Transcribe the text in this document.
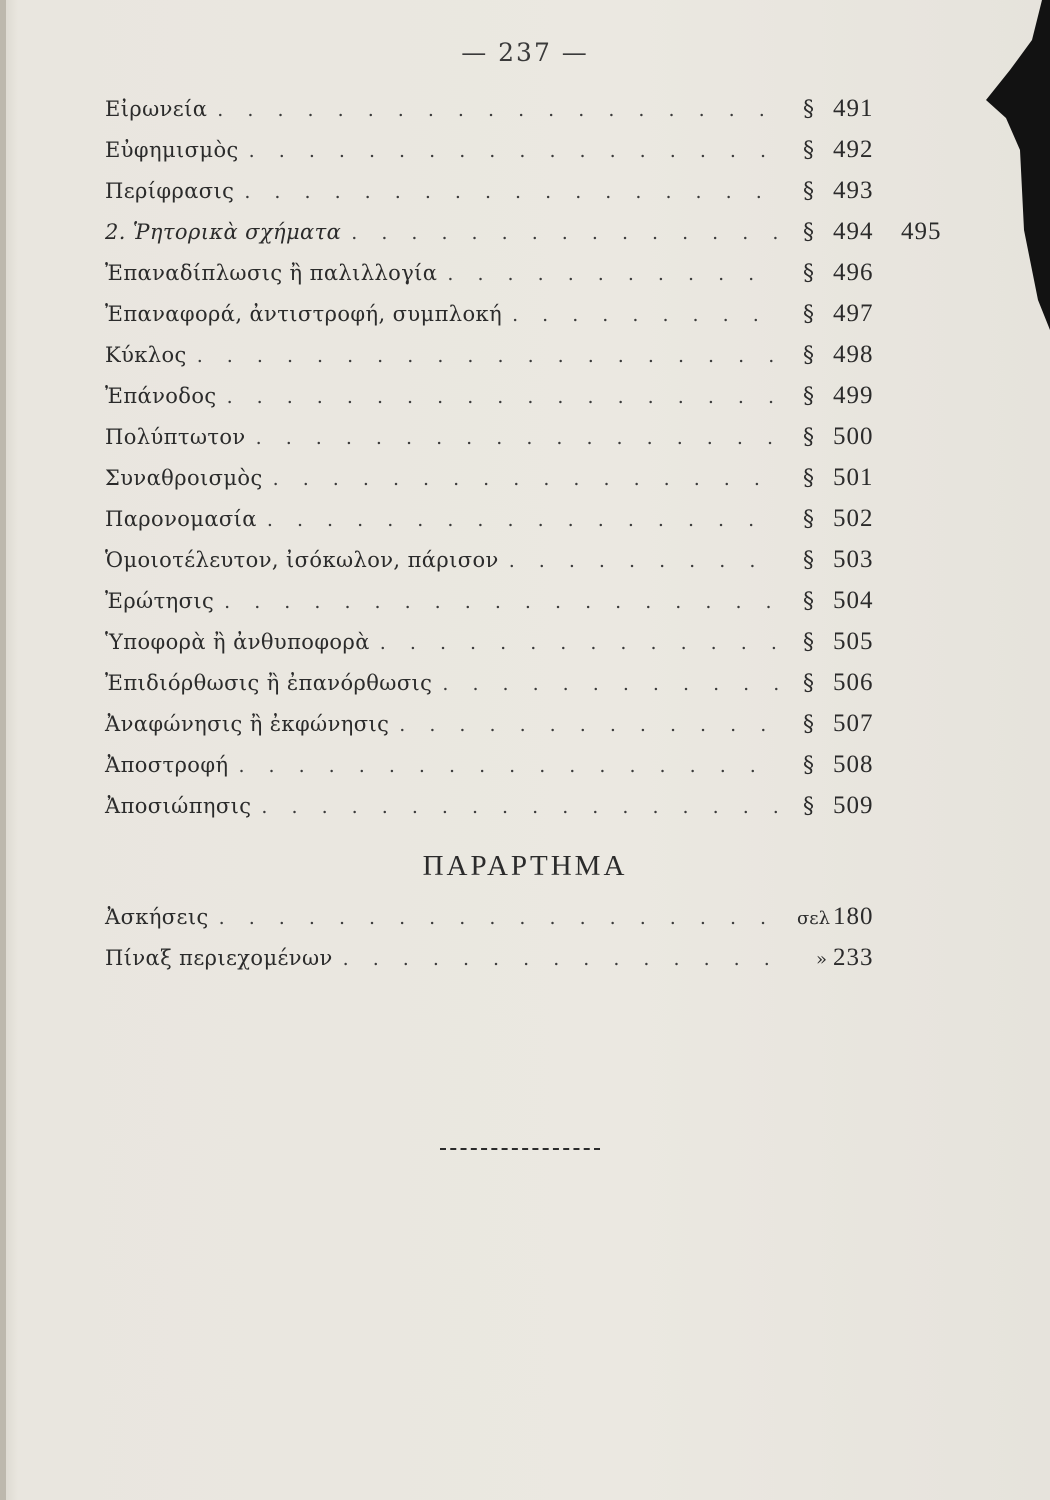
— 237 —
Εἰρωνεία . . .	§ 491
Εὐφημισμὸς . . .	§ 492
Περίφρασις . . .	§ 493
2. Ῥητορικὰ σχήματα . . .	§ 494	495
Ἐπαναδίπλωσις ἢ παλιλλογία . . .	§ 496
Ἐπαναφορά, ἀντιστροφή, συμπλοκή . . .	§ 497
Κύκλος . . .	§ 498
Ἐπάνοδος . . .	§ 499
Πολύπτωτον . . .	§ 500
Συναθροισμὸς . . .	§ 501
Παρονομασία . . .	§ 502
Ὁμοιοτέλευτον, ἰσόκωλον, πάρισον . . .	§ 503
Ἐρώτησις . . .	§ 504
Ὑποφορὰ ἢ ἀνθυποφορὰ . . .	§ 505
Ἐπιδιόρθωσις ἢ ἐπανόρθωσις . . .	§ 506
Ἀναφώνησις ἢ ἐκφώνησις . . .	§ 507
Ἀποστροφή . . .	§ 508
Ἀποσιώπησις . . .	§ 509
ΠΑΡΑΡΤΗΜΑ
Ἀσκήσεις . . .	σελ 180
Πίναξ περιεχομένων . . .	» 233
